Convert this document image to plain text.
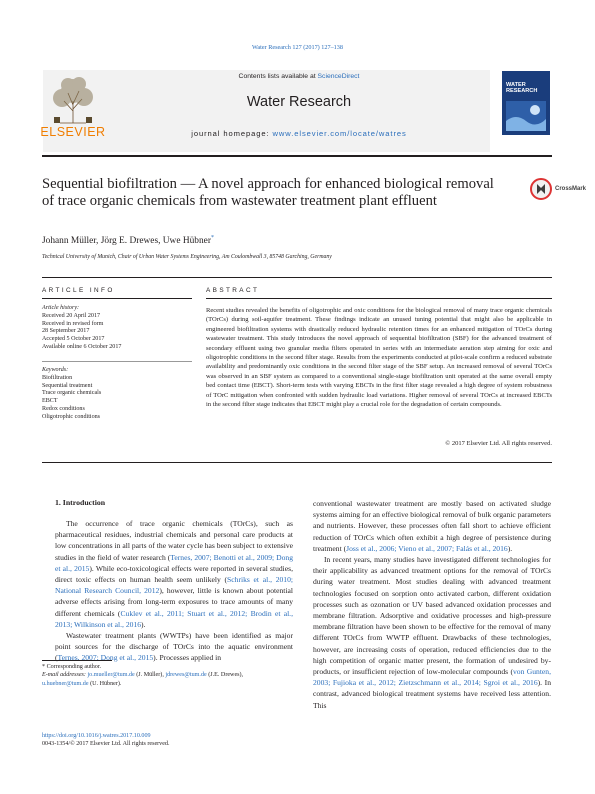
Water Research 127 (2017) 127–138
ELSEVIER
Contents lists available at ScienceDirect
Water Research
journal homepage: www.elsevier.com/locate/watres
WATER RESEARCH
Sequential biofiltration — A novel approach for enhanced biological removal of trace organic chemicals from wastewater treatment plant effluent
CrossMark
Johann Müller, Jörg E. Drewes, Uwe Hübner*
Technical University of Munich, Chair of Urban Water Systems Engineering, Am Coulombwall 3, 85748 Garching, Germany
ARTICLE INFO
Article history:
Received 20 April 2017
Received in revised form
28 September 2017
Accepted 5 October 2017
Available online 6 October 2017
Keywords:
Biofiltration
Sequential treatment
Trace organic chemicals
EBCT
Redox conditions
Oligotrophic conditions
ABSTRACT
Recent studies revealed the benefits of oligotrophic and oxic conditions for the biological removal of many trace organic chemicals (TOrCs) during soil-aquifer treatment. These findings indicate an unused tuning potential that might also be applicable in engineered biofiltration systems with drastically reduced hydraulic retention times for an enhanced mitigation of TOrCs during wastewater treatment. This study introduces the novel approach of sequential biofiltration (SBF) for the advanced treatment of secondary effluent using two granular media filters operated in series with an intermediate aeration step aiming for oxic and oligotrophic conditions in the second filter stage. Results from the experiments conducted at pilot-scale confirm a reduced substrate availability and predominantly oxic conditions in the second filter stage of the SBF setup. An increased removal of several TOrCs was observed in an SBF system as compared to a conventional single-stage biofiltration unit operated at the same overall empty bed contact time (EBCT). Short-term tests with varying EBCTs in the first filter stage revealed a high degree of system robustness of TOrC mitigation when confronted with sudden hydraulic load variations. Higher removal of several TOrCs at increased EBCTs in the second filter stage indicates that EBCT might play a crucial role for the degradation of certain compounds.
© 2017 Elsevier Ltd. All rights reserved.
1. Introduction

The occurrence of trace organic chemicals (TOrCs), such as pharmaceutical residues, industrial chemicals and personal care products at low concentrations in all parts of the water cycle has been subject to extensive studies in the field of water research (Ternes, 2007; Benotti et al., 2009; Dong et al., 2015). While eco-toxicological effects were reported in several studies, direct toxic effects on human health seem unlikely (Schriks et al., 2010; National Research Council, 2012), however, little is known about potential adverse effects arising from long-term exposures to trace amounts of many different chemicals (Cuklev et al., 2011; Stuart et al., 2012; Brodin et al., 2013; Wilkinson et al., 2016).

Wastewater treatment plants (WWTPs) have been identified as major point sources for the discharge of TOrCs into the aquatic environment (Ternes, 2007; Dong et al., 2015). Processes applied in

conventional wastewater treatment are mostly based on activated sludge systems aiming for an effective biological removal of bulk organic parameters and nutrients. However, these processes often fall short to achieve efficient reduction of TOrCs which often exhibit a high degree of persistence during treatment (Joss et al., 2006; Vieno et al., 2007; Falás et al., 2016).

In recent years, many studies have investigated different technologies for their applicability as advanced treatment options for the removal of TOrCs during water treatment. Most studies dealing with advanced treatment technologies focused on sorption onto activated carbon, different oxidation processes such as ozonation or UV based advanced oxidation processes and membrane filtration. Adsorptive and oxidative processes and high-pressure membrane filtration have been shown to be effective for the removal of many different TOrCs from WWTP effluent. Drawbacks of these technologies, however, are increasing costs of operation, reduced efficiencies due to the high competition of organic matter present, the formation of undesired by-products, or insufficient rejection of low-molecular compounds (von Gunten, 2003; Fujioka et al., 2012; Zietzschmann et al., 2014; Sgroi et al., 2016). In contrast, advanced biological treatment systems have received less attention. This

* Corresponding author.
E-mail addresses: jo.mueller@tum.de (J. Müller), jdrewes@tum.de (J.E. Drewes), u.huebner@tum.de (U. Hübner).
https://doi.org/10.1016/j.watres.2017.10.009
0043-1354/© 2017 Elsevier Ltd. All rights reserved.
